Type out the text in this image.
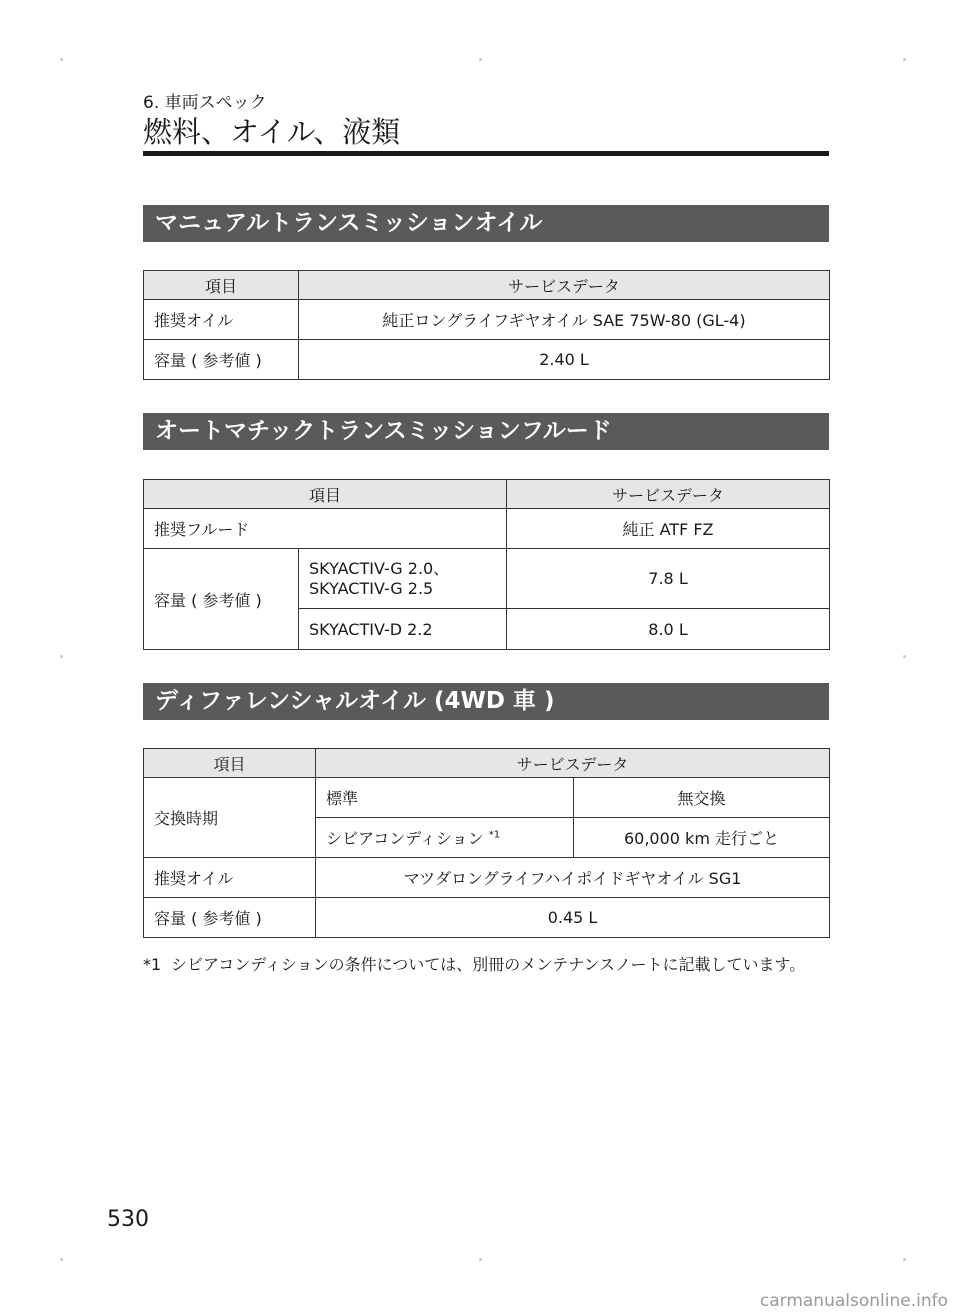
6. 車両スペック
燃料、オイル、液類
マニュアルトランスミッションオイル
項目	サービスデータ
推奨オイル	純正ロングライフギヤオイル SAE 75W-80 (GL-4)
容量 ( 参考値 )	2.40 L
オートマチックトランスミッションフルード
項目		サービスデータ
推奨フルード		純正 ATF FZ
容量 ( 参考値 )	SKYACTIV-G 2.0、SKYACTIV-G 2.5	7.8 L
	SKYACTIV-D 2.2	8.0 L
ディファレンシャルオイル (4WD 車 )
項目	サービスデータ	
交換時期	標準	無交換
	シビアコンディション $^{*1}$	60,000 km 走行ごと
推奨オイル	マツダロングライフハイポイドギヤオイル SG1	
容量 ( 参考値 )	0.45 L	
*1 シビアコンディションの条件については、別冊のメンテナンスノートに記載しています。
530
carmanualsonline.info
